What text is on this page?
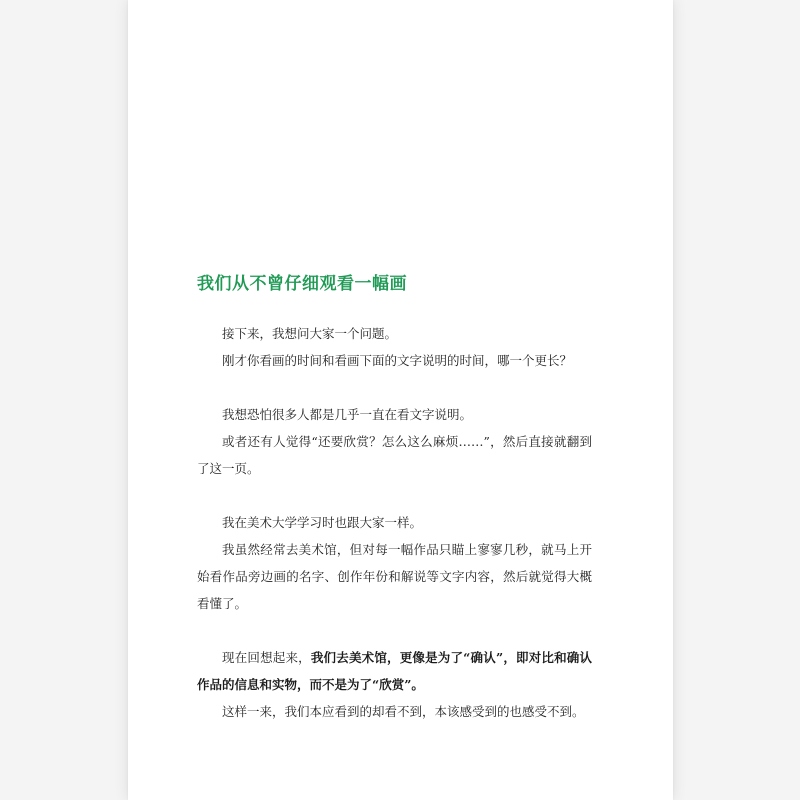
我们从不曾仔细观看一幅画

接下来，我想问大家一个问题。

刚才你看画的时间和看画下面的文字说明的时间，哪一个更长？

我想恐怕很多人都是几乎一直在看文字说明。

或者还有人觉得“还要欣赏？怎么这么麻烦……”，然后直接就翻到了这一页。

我在美术大学学习时也跟大家一样。

我虽然经常去美术馆，但对每一幅作品只瞄上寥寥几秒，就马上开始看作品旁边画的名字、创作年份和解说等文字内容，然后就觉得大概看懂了。

现在回想起来，我们去美术馆，更像是为了“确认”，即对比和确认作品的信息和实物，而不是为了“欣赏”。

这样一来，我们本应看到的却看不到，本该感受到的也感受不到。
